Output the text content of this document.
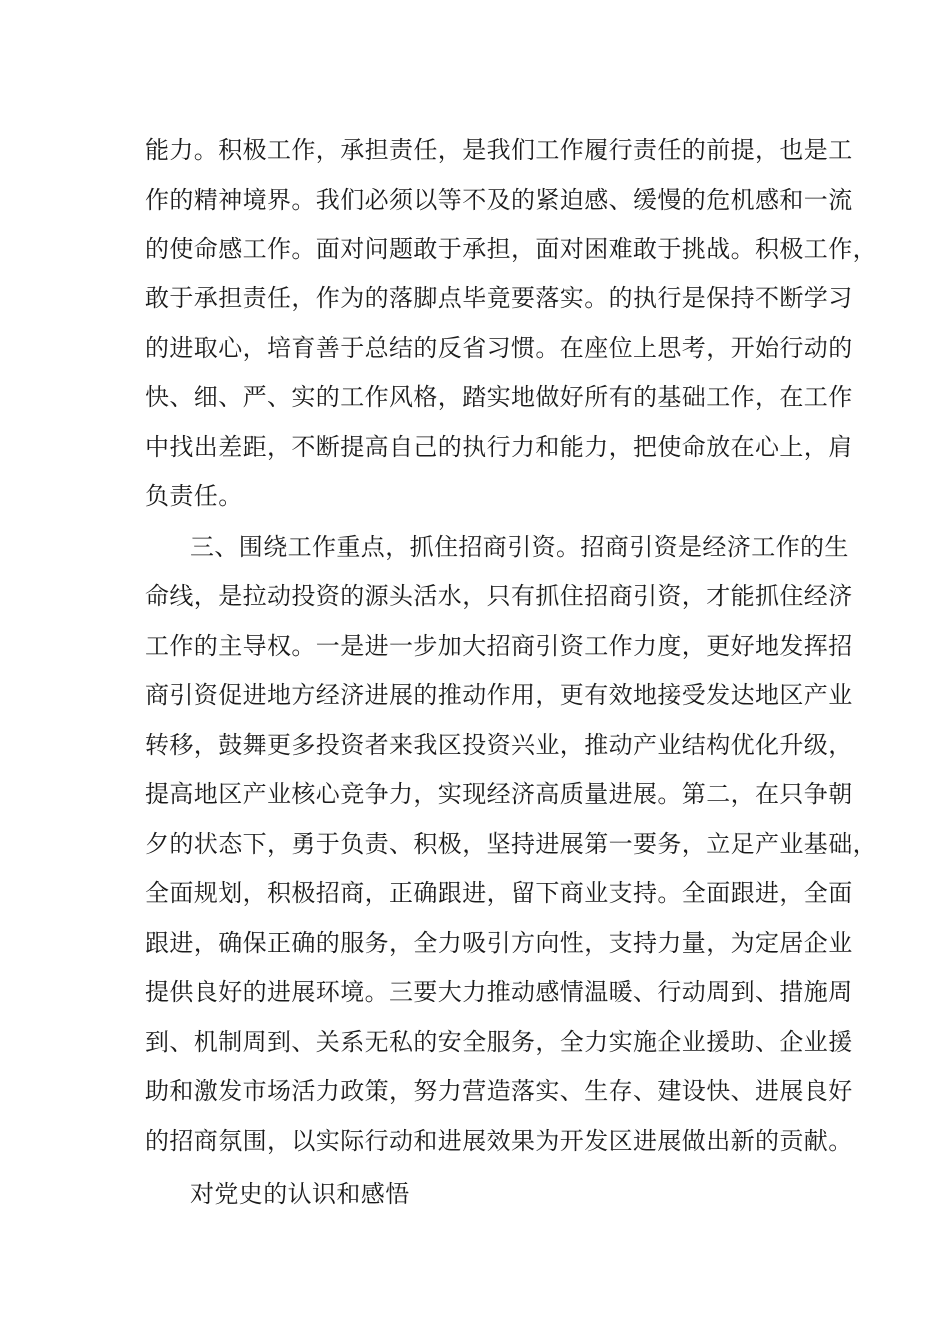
能力。积极工作，承担责任，是我们工作履行责任的前提，也是工
作的精神境界。我们必须以等不及的紧迫感、缓慢的危机感和一流
的使命感工作。面对问题敢于承担，面对困难敢于挑战。积极工作，
敢于承担责任，作为的落脚点毕竟要落实。的执行是保持不断学习
的进取心，培育善于总结的反省习惯。在座位上思考，开始行动的
快、细、严、实的工作风格，踏实地做好所有的基础工作，在工作
中找出差距，不断提高自己的执行力和能力，把使命放在心上，肩
负责任。
三、围绕工作重点，抓住招商引资。招商引资是经济工作的生
命线，是拉动投资的源头活水，只有抓住招商引资，才能抓住经济
工作的主导权。一是进一步加大招商引资工作力度，更好地发挥招
商引资促进地方经济进展的推动作用，更有效地接受发达地区产业
转移，鼓舞更多投资者来我区投资兴业，推动产业结构优化升级，
提高地区产业核心竞争力，实现经济高质量进展。第二，在只争朝
夕的状态下，勇于负责、积极，坚持进展第一要务，立足产业基础，
全面规划，积极招商，正确跟进，留下商业支持。全面跟进，全面
跟进，确保正确的服务，全力吸引方向性，支持力量，为定居企业
提供良好的进展环境。三要大力推动感情温暖、行动周到、措施周
到、机制周到、关系无私的安全服务，全力实施企业援助、企业援
助和激发市场活力政策，努力营造落实、生存、建设快、进展良好
的招商氛围，以实际行动和进展效果为开发区进展做出新的贡献。
对党史的认识和感悟
